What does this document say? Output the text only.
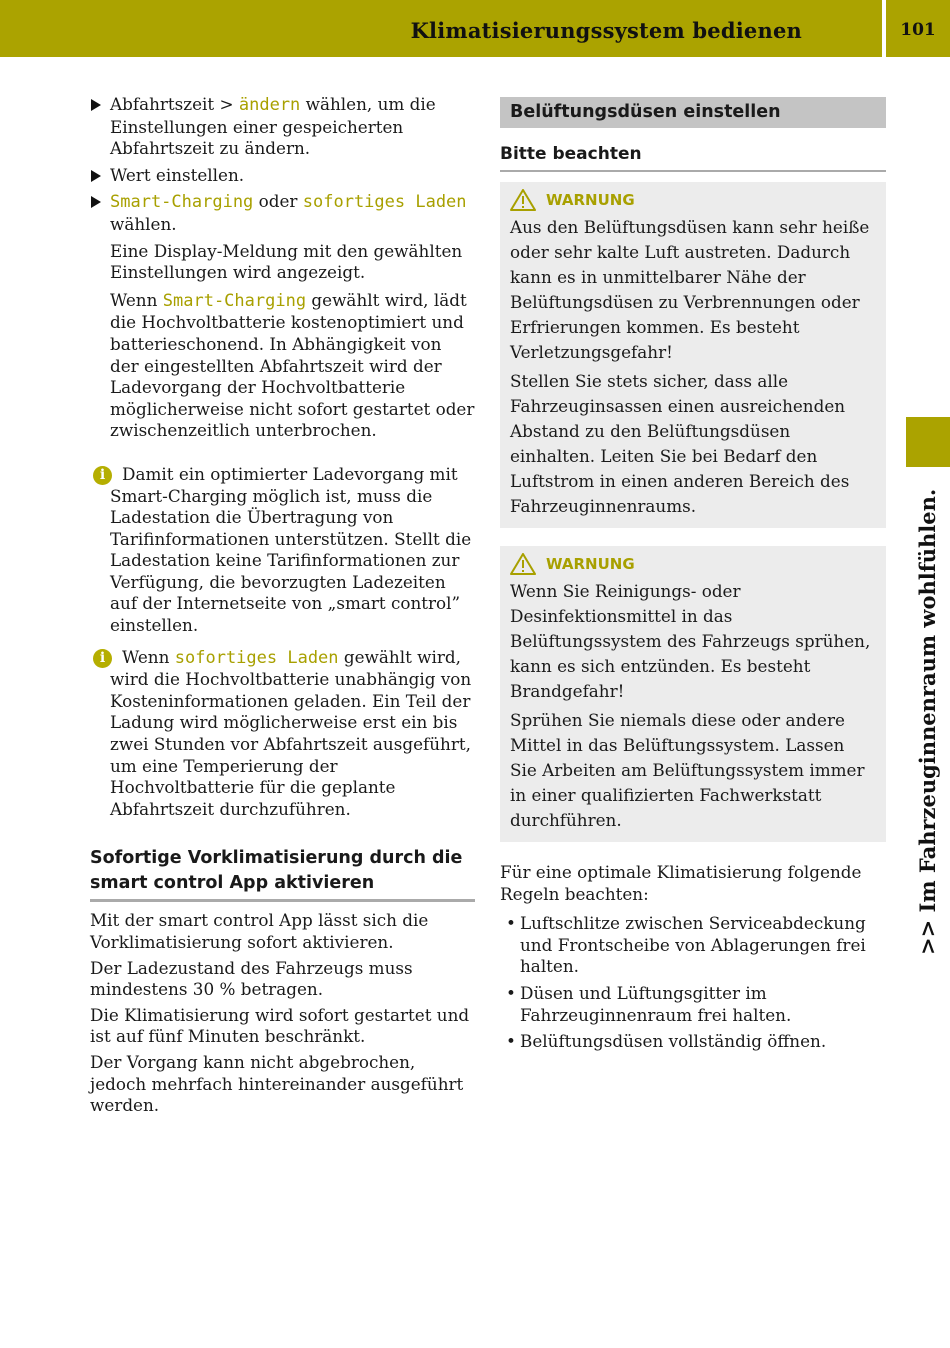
Klimatisierungssystem bedienen	101
>> Im Fahrzeuginnenraum wohlfühlen.

Abfahrtszeit > ändern wählen, um die Einstellungen einer gespeicherten Abfahrtszeit zu ändern.

Wert einstellen.

Smart-Charging oder sofortiges Laden wählen.

Eine Display-Meldung mit den gewählten Einstellungen wird angezeigt.

Wenn Smart-Charging gewählt wird, lädt die Hochvoltbatterie kostenoptimiert und batterieschonend. In Abhängigkeit von der eingestellten Abfahrtszeit wird der Ladevorgang der Hochvoltbatterie möglicherweise nicht sofort gestartet oder zwischenzeitlich unterbrochen.

i	Damit ein optimierter Ladevorgang mit Smart-Charging möglich ist, muss die Ladestation die Übertragung von Tarifinformationen unterstützen. Stellt die Ladestation keine Tarifinformationen zur Verfügung, die bevorzugten Ladezeiten auf der Internetseite von „smart control” einstellen.

i	Wenn sofortiges Laden gewählt wird, wird die Hochvoltbatterie unabhängig von Kosteninformationen geladen. Ein Teil der Ladung wird möglicherweise erst ein bis zwei Stunden vor Abfahrtszeit ausgeführt, um eine Temperierung der Hochvoltbatterie für die geplante Abfahrtszeit durchzuführen.

Sofortige Vorklimatisierung durch die smart control App aktivieren

Mit der smart control App lässt sich die Vorklimatisierung sofort aktivieren.

Der Ladezustand des Fahrzeugs muss mindestens 30 % betragen.

Die Klimatisierung wird sofort gestartet und ist auf fünf Minuten beschränkt.

Der Vorgang kann nicht abgebrochen, jedoch mehrfach hintereinander ausgeführt werden.

Belüftungsdüsen einstellen
Bitte beachten
WARNUNG

Aus den Belüftungsdüsen kann sehr heiße oder sehr kalte Luft austreten. Dadurch kann es in unmittelbarer Nähe der Belüftungsdüsen zu Verbrennungen oder Erfrierungen kommen. Es besteht Verletzungsgefahr!

Stellen Sie stets sicher, dass alle Fahrzeuginsassen einen ausreichenden Abstand zu den Belüftungsdüsen einhalten. Leiten Sie bei Bedarf den Luftstrom in einen anderen Bereich des Fahrzeuginnenraums.

WARNUNG

Wenn Sie Reinigungs- oder Desinfektionsmittel in das Belüftungssystem des Fahrzeugs sprühen, kann es sich entzünden. Es besteht Brandgefahr!

Sprühen Sie niemals diese oder andere Mittel in das Belüftungssystem. Lassen Sie Arbeiten am Belüftungssystem immer in einer qualifizierten Fachwerkstatt durchführen.

Für eine optimale Klimatisierung folgende Regeln beachten:

• Luftschlitze zwischen Serviceabdeckung und Frontscheibe von Ablagerungen frei halten.
• Düsen und Lüftungsgitter im Fahrzeuginnenraum frei halten.
• Belüftungsdüsen vollständig öffnen.
